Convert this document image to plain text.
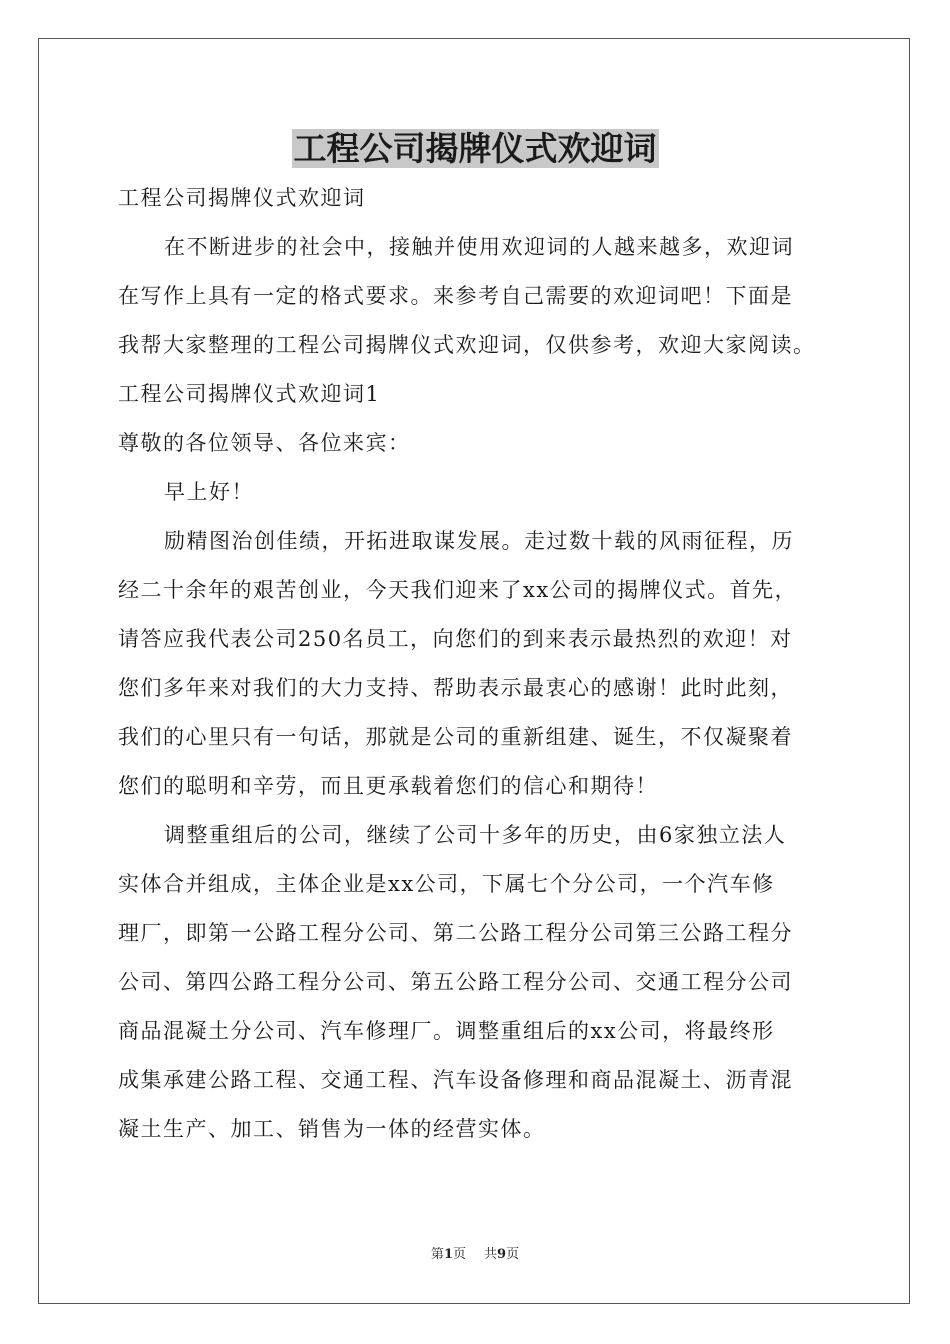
工程公司揭牌仪式欢迎词

工程公司揭牌仪式欢迎词

在不断进步的社会中，接触并使用欢迎词的人越来越多，欢迎词

在写作上具有一定的格式要求。来参考自己需要的欢迎词吧！下面是

我帮大家整理的工程公司揭牌仪式欢迎词，仅供参考，欢迎大家阅读。

工程公司揭牌仪式欢迎词1

尊敬的各位领导、各位来宾：

早上好！

励精图治创佳绩，开拓进取谋发展。走过数十载的风雨征程，历

经二十余年的艰苦创业，今天我们迎来了xx公司的揭牌仪式。首先，

请答应我代表公司250名员工，向您们的到来表示最热烈的欢迎！对

您们多年来对我们的大力支持、帮助表示最衷心的感谢！此时此刻，

我们的心里只有一句话，那就是公司的重新组建、诞生，不仅凝聚着

您们的聪明和辛劳，而且更承载着您们的信心和期待！

调整重组后的公司，继续了公司十多年的历史，由6家独立法人

实体合并组成，主体企业是xx公司，下属七个分公司，一个汽车修

理厂，即第一公路工程分公司、第二公路工程分公司第三公路工程分

公司、第四公路工程分公司、第五公路工程分公司、交通工程分公司

商品混凝土分公司、汽车修理厂。调整重组后的xx公司，将最终形

成集承建公路工程、交通工程、汽车设备修理和商品混凝土、沥青混

凝土生产、加工、销售为一体的经营实体。

第1页 共9页
